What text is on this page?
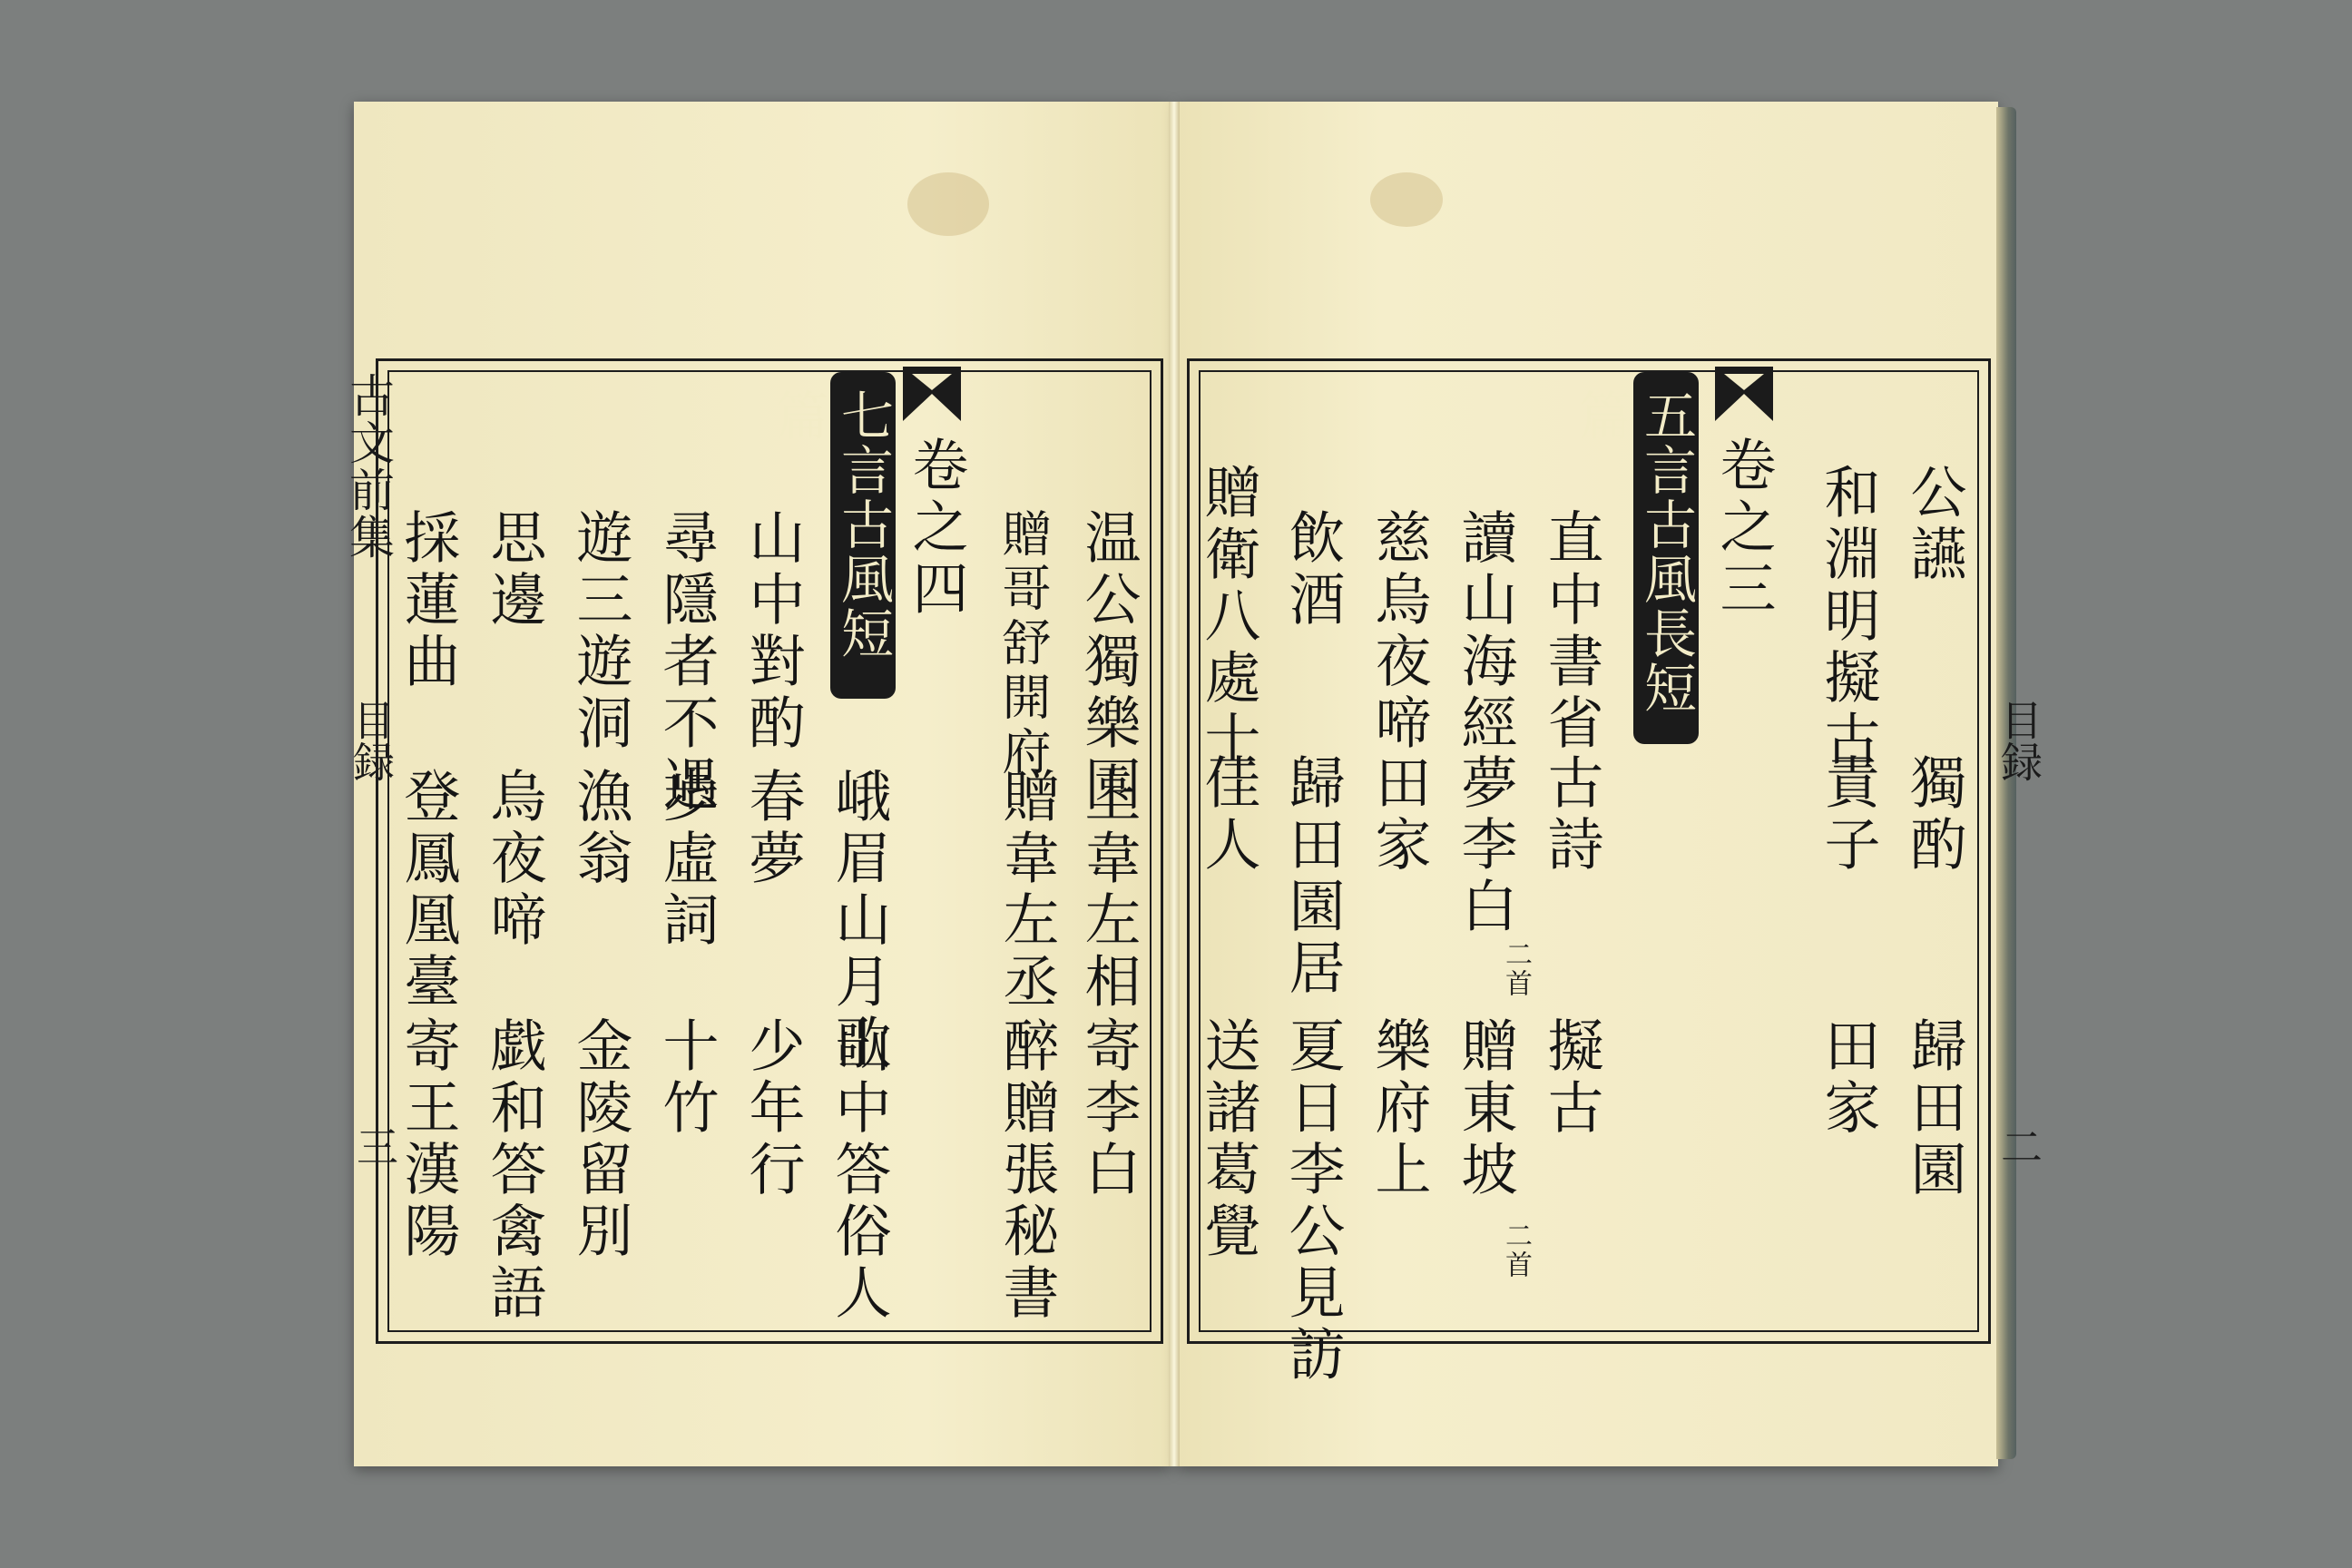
古文前集
目録
三
七言古風短篇
卷之四 温公獨樂園
上韋左相
寄李白
贈哥舒開府
贈韋左丞
醉贈張秘書
峨眉山月歌
山中答俗人
山中對酌
春夢
少年行
尋隱者不遇
歩虛詞
十竹
遊三遊洞
漁翁
金陵留別
思邊
烏夜啼
戯和答禽語
採蓮曲
登鳳凰臺
寄王漢陽
目録
二
五言古風長短篇
卷之三 公讌
獨酌
歸田園
和淵明擬古
責子
田家
直中書省
古詩
擬古
讀山海經
夢李白
二首
贈東坡
二首
慈烏夜啼
田家
樂府上
飲酒
歸田園居
夏日李公見訪
贈衛八處士
佳人
送諸葛覺
